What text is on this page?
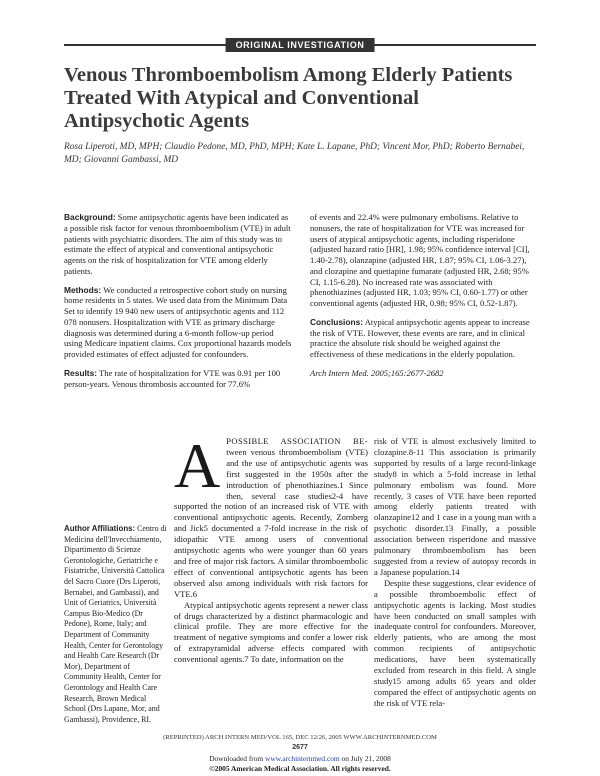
ORIGINAL INVESTIGATION
Venous Thromboembolism Among Elderly Patients Treated With Atypical and Conventional Antipsychotic Agents
Rosa Liperoti, MD, MPH; Claudio Pedone, MD, PhD, MPH; Kate L. Lapane, PhD; Vincent Mor, PhD; Roberto Bernabei, MD; Giovanni Gambassi, MD

Background: Some antipsychotic agents have been indicated as a possible risk factor for venous thromboembolism (VTE) in adult patients with psychiatric disorders. The aim of this study was to estimate the effect of atypical and conventional antipsychotic agents on the risk of hospitalization for VTE among elderly patients.

Methods: We conducted a retrospective cohort study on nursing home residents in 5 states. We used data from the Minimum Data Set to identify 19 940 new users of antipsychotic agents and 112 078 nonusers. Hospitalization with VTE as primary discharge diagnosis was determined during a 6-month follow-up period using Medicare inpatient claims. Cox proportional hazards models provided estimates of effect adjusted for confounders.

Results: The rate of hospitalization for VTE was 0.91 per 100 person-years. Venous thrombosis accounted for 77.6%

of events and 22.4% were pulmonary embolisms. Relative to nonusers, the rate of hospitalization for VTE was increased for users of atypical antipsychotic agents, including risperidone (adjusted hazard ratio [HR], 1.98; 95% confidence interval [CI], 1.40-2.78), olanzapine (adjusted HR, 1.87; 95% CI, 1.06-3.27), and clozapine and quetiapine fumarate (adjusted HR, 2.68; 95% CI, 1.15-6.28). No increased rate was associated with phenothiazines (adjusted HR, 1.03; 95% CI, 0.60-1.77) or other conventional agents (adjusted HR, 0.98; 95% CI, 0.52-1.87).

Conclusions: Atypical antipsychotic agents appear to increase the risk of VTE. However, these events are rare, and in clinical practice the absolute risk should be weighed against the effectiveness of these medications in the elderly population.

Arch Intern Med. 2005;165:2677-2682

Author Affiliations: Centro di Medicina dell'Invecchiamento, Dipartimento di Scienze Gerontologiche, Geriatriche e Fisiatriche, Università Cattolica del Sacro Cuore (Drs Liperoti, Bernabei, and Gambassi), and Unit of Geriatrics, Università Campus Bio-Medico (Dr Pedone), Rome, Italy; and Department of Community Health, Center for Gerontology and Health Care Research (Dr Mor), Department of Community Health, Center for Gerontology and Health Care Research, Brown Medical School (Drs Lapane, Mor, and Gambassi), Providence, RI.

A POSSIBLE ASSOCIATION BE- tween venous thromboembolism (VTE) and the use of antipsychotic agents was first suggested in the 1950s after the introduction of phenothiazines.1 Since then, several case studies2-4 have supported the notion of an increased risk of VTE with conventional antipsychotic agents. Recently, Zornberg and Jick5 documented a 7-fold increase in the risk of idiopathic VTE among users of conventional antipsychotic agents who were younger than 60 years and free of major risk factors. A similar thromboembolic effect of conventional antipsychotic agents has been observed also among individuals with risk factors for VTE.6

Atypical antipsychotic agents represent a newer class of drugs characterized by a distinct pharmacologic and clinical profile. They are more effective for the treatment of negative symptoms and confer a lower risk of extrapyramidal adverse effects compared with conventional agents.7 To date, information on the

risk of VTE is almost exclusively limited to clozapine.8-11 This association is primarily supported by results of a large record-linkage study8 in which a 5-fold increase in lethal pulmonary embolism was found. More recently, 3 cases of VTE have been reported among elderly patients treated with olanzapine12 and 1 case in a young man with a psychotic disorder.13 Finally, a possible association between risperidone and massive pulmonary thromboembolism has been suggested from a review of autopsy records in a Japanese population.14

Despite these suggestions, clear evidence of a possible thromboembolic effect of antipsychotic agents is lacking. Most studies have been conducted on small samples with inadequate control for confounders. Moreover, elderly patients, who are among the most common recipients of antipsychotic medications, have been systematically excluded from research in this field. A single study15 among adults 65 years and older compared the effect of antipsychotic agents on the risk of VTE rela-

(REPRINTED) ARCH INTERN MED/VOL 165, DEC 12/26, 2005 WWW.ARCHINTERNMED.COM
2677
Downloaded from www.archinternmed.com on July 21, 2008
©2005 American Medical Association. All rights reserved.
